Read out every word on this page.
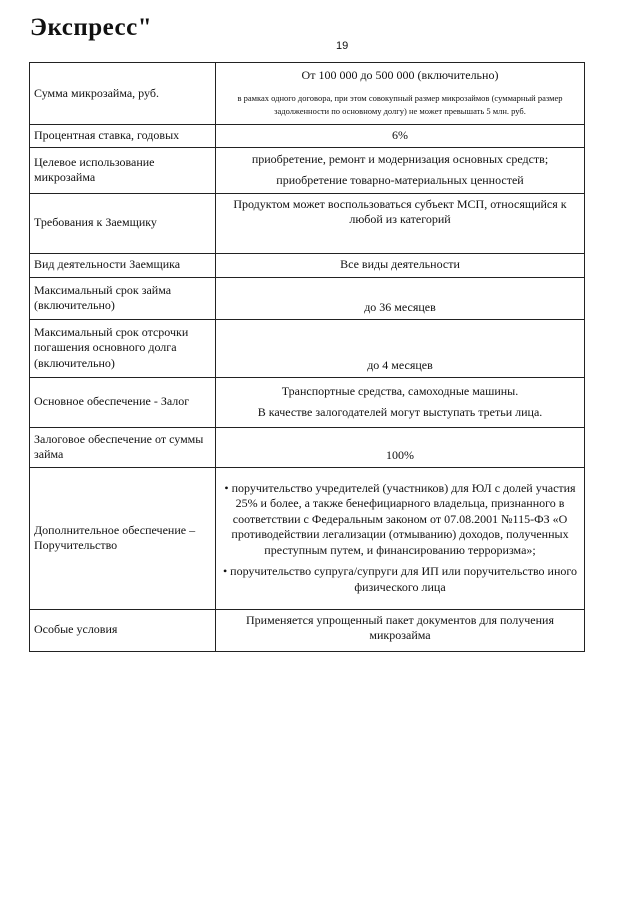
Экспресс"
19
Сумма микрозайма, руб.	От 100 000 до 500 000 (включительно)
в рамках одного договора, при этом совокупный размер микрозаймов (суммарный размер задолженности по основному долгу) не может превышать 5 млн. руб.

Процентная ставка, годовых	6%
Целевое использование микрозайма	приобретение, ремонт и модернизация основных средств;
приобретение товарно-материальных ценностей

Требования к Заемщику	Продуктом может воспользоваться субъект МСП, относящийся к любой из категорий
Вид деятельности Заемщика	Все виды деятельности
Максимальный срок займа (включительно)	до 36 месяцев
Максимальный срок отсрочки погашения основного долга (включительно)	до 4 месяцев
Основное обеспечение - Залог	Транспортные средства, самоходные машины.
В качестве залогодателей могут выступать третьи лица.

Залоговое обеспечение от суммы займа	100%
Дополнительное обеспечение – Поручительство	• поручительство учредителей (участников) для ЮЛ с долей участия 25% и более, а также бенефициарного владельца, признанного в соответствии с Федеральным законом от 07.08.2001 №115-ФЗ «О противодействии легализации (отмыванию) доходов, полученных преступным путем, и финансированию терроризма»;
• поручительство супруга/супруги для ИП или поручительство иного физического лица

Особые условия	Применяется упрощенный пакет документов для получения микрозайма
